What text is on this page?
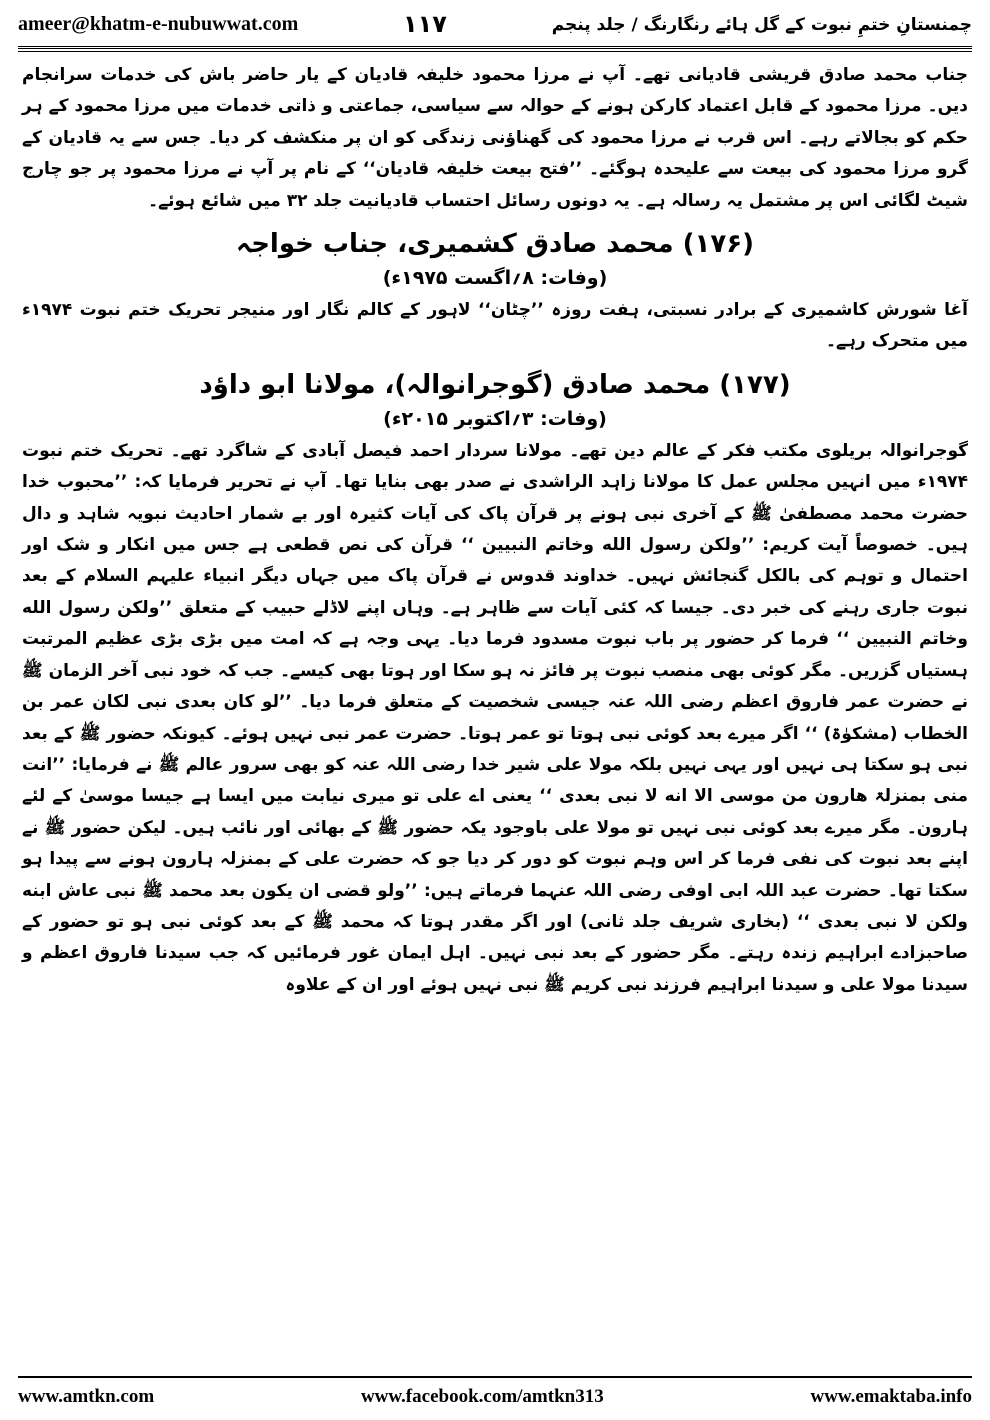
ameer@khatm-e-nubuwwat.com	۱۱۷	چمنستانِ ختمِ نبوت کے گل ہائے رنگارنگ / جلد پنجم

جناب محمد صادق قریشی قادیانی تھے۔ آپ نے مرزا محمود خلیفہ قادیان کے یار حاضر باش کی خدمات سرانجام دیں۔ مرزا محمود کے قابل اعتماد کارکن ہونے کے حوالہ سے سیاسی، جماعتی و ذاتی خدمات میں مرزا محمود کے ہر حکم کو بجالاتے رہے۔ اس قرب نے مرزا محمود کی گھناؤنی زندگی کو ان پر منکشف کر دیا۔ جس سے یہ قادیان کے گرو مرزا محمود کی بیعت سے علیحدہ ہوگئے۔ ’’فتح بیعت خلیفہ قادیان‘‘ کے نام پر آپ نے مرزا محمود پر جو چارج شیٹ لگائی اس پر مشتمل یہ رسالہ ہے۔ یہ دونوں رسائل احتساب قادیانیت جلد ۳۲ میں شائع ہوئے۔

(۱۷۶) محمد صادق کشمیری، جناب خواجہ
(وفات: ۸؍اگست ۱۹۷۵ء)

آغا شورش کاشمیری کے برادر نسبتی، ہفت روزہ ’’چٹان‘‘ لاہور کے کالم نگار اور منیجر تحریک ختم نبوت ۱۹۷۴ء میں متحرک رہے۔

(۱۷۷) محمد صادق (گوجرانوالہ)، مولانا ابو داؤد
(وفات: ۳؍اکتوبر ۲۰۱۵ء)

گوجرانوالہ بریلوی مکتب فکر کے عالم دین تھے۔ مولانا سردار احمد فیصل آبادی کے شاگرد تھے۔ تحریک ختم نبوت ۱۹۷۴ء میں انہیں مجلس عمل کا مولانا زاہد الراشدی نے صدر بھی بنایا تھا۔ آپ نے تحریر فرمایا کہ: ’’محبوب خدا حضرت محمد مصطفیٰ ﷺ کے آخری نبی ہونے پر قرآن پاک کی آیات کثیرہ اور بے شمار احادیث نبویہ شاہد و دال ہیں۔ خصوصاً آیت کریم: ’’ولکن رسول الله وخاتم النبیین ‘‘ قرآن کی نص قطعی ہے جس میں انکار و شک اور احتمال و توہم کی بالکل گنجائش نہیں۔ خداوند قدوس نے قرآن پاک میں جہاں دیگر انبیاء علیہم السلام کے بعد نبوت جاری رہنے کی خبر دی۔ جیسا کہ کئی آیات سے ظاہر ہے۔ وہاں اپنے لاڈلے حبیب کے متعلق ’’ولکن رسول الله وخاتم النبیین ‘‘ فرما کر حضور پر باب نبوت مسدود فرما دیا۔ یہی وجہ ہے کہ امت میں بڑی بڑی عظیم المرتبت ہستیاں گزریں۔ مگر کوئی بھی منصب نبوت پر فائز نہ ہو سکا اور ہوتا بھی کیسے۔ جب کہ خود نبی آخر الزمان ﷺ نے حضرت عمر فاروق اعظم رضی اللہ عنہ جیسی شخصیت کے متعلق فرما دیا۔ ’’لو کان بعدی نبی لکان عمر بن الخطاب (مشکوٰۃ) ‘‘ اگر میرے بعد کوئی نبی ہوتا تو عمر ہوتا۔ حضرت عمر نبی نہیں ہوئے۔ کیونکہ حضور ﷺ کے بعد نبی ہو سکتا ہی نہیں اور یہی نہیں بلکہ مولا علی شیر خدا رضی اللہ عنہ کو بھی سرور عالم ﷺ نے فرمایا: ’’انت منی بمنزلۃ هارون من موسی الا انه لا نبی بعدی ‘‘ یعنی اے علی تو میری نیابت میں ایسا ہے جیسا موسیٰ کے لئے ہارون۔ مگر میرے بعد کوئی نبی نہیں تو مولا علی باوجود یکہ حضور ﷺ کے بھائی اور نائب ہیں۔ لیکن حضور ﷺ نے اپنے بعد نبوت کی نفی فرما کر اس وہم نبوت کو دور کر دیا جو کہ حضرت علی کے بمنزلہ ہارون ہونے سے پیدا ہو سکتا تھا۔ حضرت عبد اللہ ابی اوفی رضی اللہ عنہما فرماتے ہیں: ’’ولو قضی ان یکون بعد محمد ﷺ نبی عاش ابنه ولکن لا نبی بعدی ‘‘ (بخاری شریف جلد ثانی) اور اگر مقدر ہوتا کہ محمد ﷺ کے بعد کوئی نبی ہو تو حضور کے صاحبزادے ابراہیم زندہ رہتے۔ مگر حضور کے بعد نبی نہیں۔ اہل ایمان غور فرمائیں کہ جب سیدنا فاروق اعظم و سیدنا مولا علی و سیدنا ابراہیم فرزند نبی کریم ﷺ نبی نہیں ہوئے اور ان کے علاوہ

www.amtkn.com	www.facebook.com/amtkn313	www.emaktaba.info
